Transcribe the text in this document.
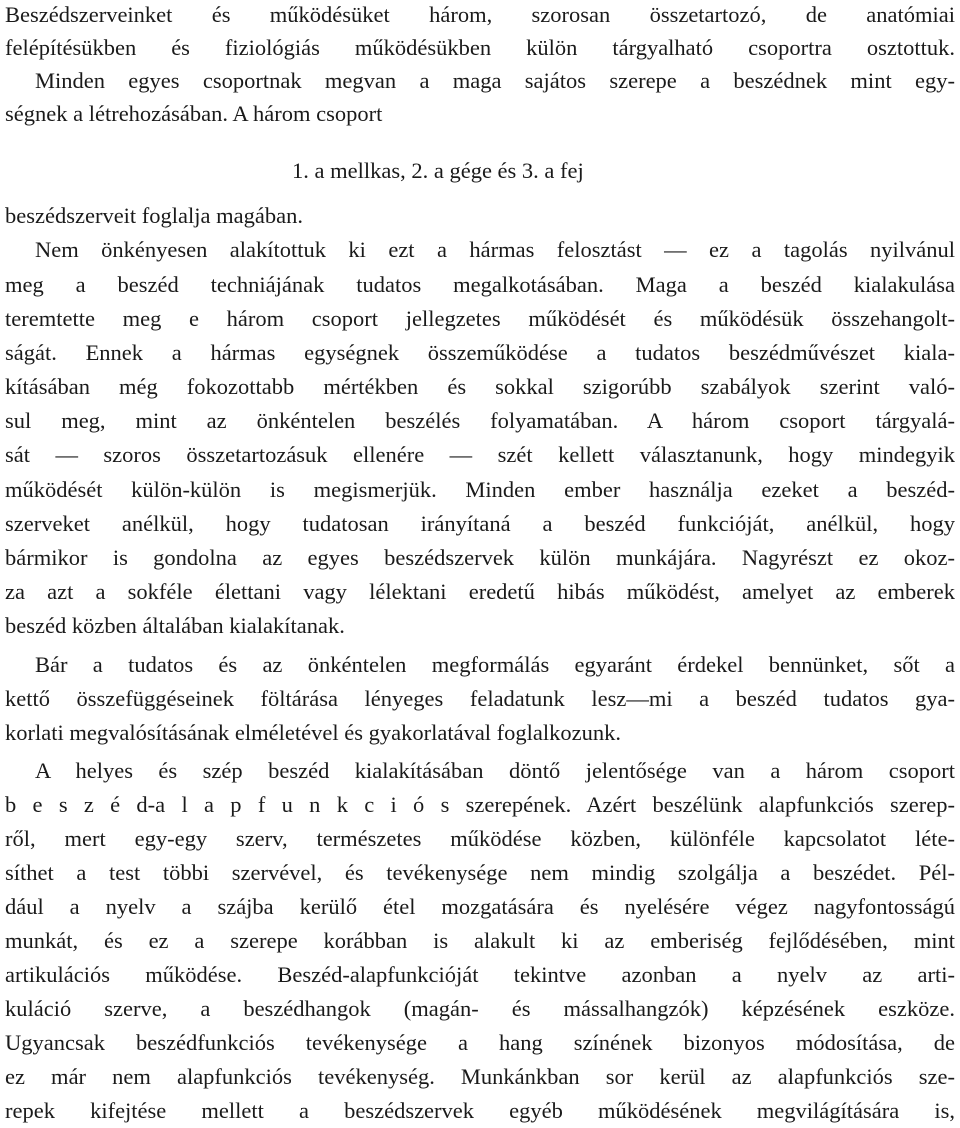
Beszédszerveinket és működésüket három, szorosan összetartozó, de anatómiai
felépítésükben és fiziológiás működésükben külön tárgyalható csoportra osztottuk.
Minden egyes csoportnak megvan a maga sajátos szerepe a beszédnek mint egy-
ségnek a létrehozásában. A három csoport
1. a mellkas, 2. a gége és 3. a fej
beszédszerveit foglalja magában.
Nem önkényesen alakítottuk ki ezt a hármas felosztást — ez a tagolás nyilvánul
meg a beszéd techniájának tudatos megalkotásában. Maga a beszéd kialakulása
teremtette meg e három csoport jellegzetes működését és működésük összehangolt-
ságát. Ennek a hármas egységnek összeműködése a tudatos beszédművészet kiala-
kításában még fokozottabb mértékben és sokkal szigorúbb szabályok szerint való-
sul meg, mint az önkéntelen beszélés folyamatában. A három csoport tárgyalá-
sát — szoros összetartozásuk ellenére — szét kellett választanunk, hogy mindegyik
működését külön-külön is megismerjük. Minden ember használja ezeket a beszéd-
szerveket anélkül, hogy tudatosan irányítaná a beszéd funkcióját, anélkül, hogy
bármikor is gondolna az egyes beszédszervek külön munkájára. Nagyrészt ez okoz-
za azt a sokféle élettani vagy lélektani eredetű hibás működést, amelyet az emberek
beszéd közben általában kialakítanak.
Bár a tudatos és az önkéntelen megformálás egyaránt érdekel bennünket, sőt a
kettő összefüggéseinek föltárása lényeges feladatunk lesz—mi a beszéd tudatos gya-
korlati megvalósításának elméletével és gyakorlatával foglalkozunk.
A helyes és szép beszéd kialakításában döntő jelentősége van a három csoport
b e s z é d-a l a p f u n k c i ó s szerepének. Azért beszélünk alapfunkciós szerep-
ről, mert egy-egy szerv, természetes működése közben, különféle kapcsolatot léte-
síthet a test többi szervével, és tevékenysége nem mindig szolgálja a beszédet. Pél-
dául a nyelv a szájba kerülő étel mozgatására és nyelésére végez nagyfontosságú
munkát, és ez a szerepe korábban is alakult ki az emberiség fejlődésében, mint
artikulációs működése. Beszéd-alapfunkcióját tekintve azonban a nyelv az arti-
kuláció szerve, a beszédhangok (magán- és mássalhangzók) képzésének eszköze.
Ugyancsak beszédfunkciós tevékenysége a hang színének bizonyos módosítása, de
ez már nem alapfunkciós tevékenység. Munkánkban sor kerül az alapfunkciós sze-
repek kifejtése mellett a beszédszervek egyéb működésének megvilágítására is,
